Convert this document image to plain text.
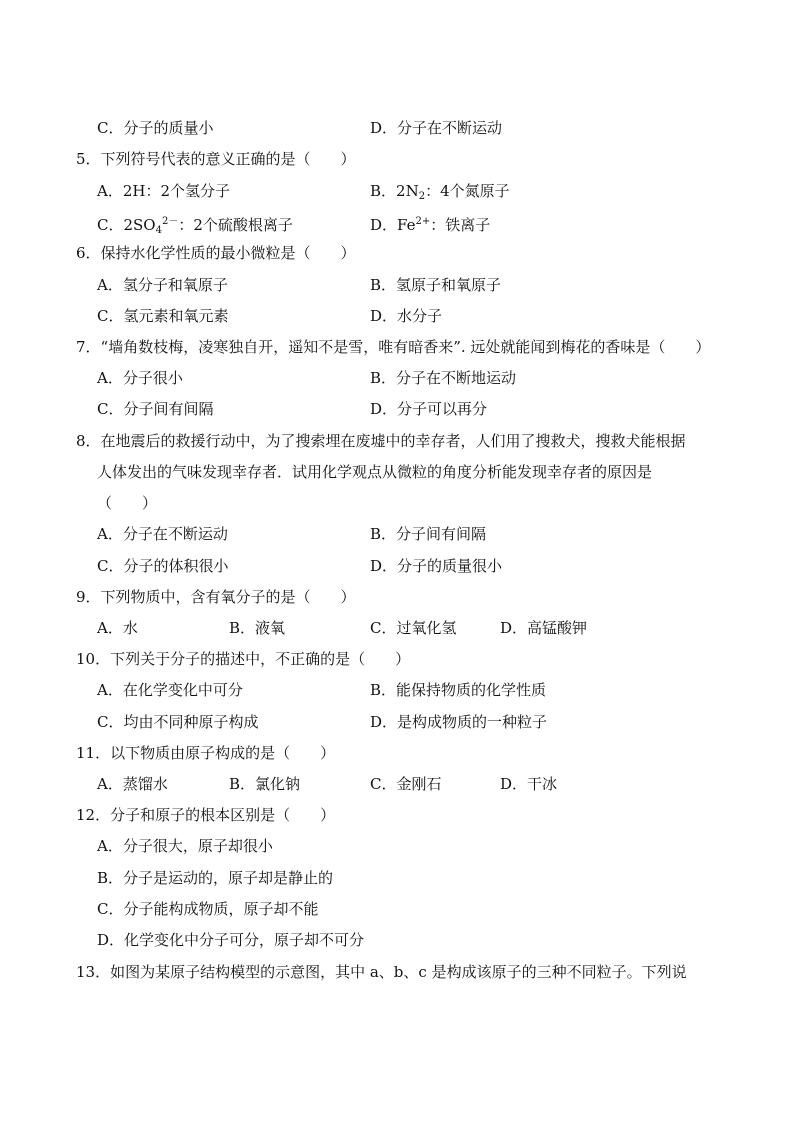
C．分子的质量小	D．分子在不断运动
5．下列符号代表的意义正确的是（　　）
A．2H：2个氢分子	B．$2N_2$：4个氮原子
C．$2SO_4^{2-}$：2个硫酸根离子	D．$Fe^{2+}$：铁离子
6．保持水化学性质的最小微粒是（　　）
A．氢分子和氧原子	B．氢原子和氧原子
C．氢元素和氧元素	D．水分子
7．“墙角数枝梅，凌寒独自开，遥知不是雪，唯有暗香来”. 远处就能闻到梅花的香味是（　　）
A．分子很小	B．分子在不断地运动
C．分子间有间隔	D．分子可以再分
8．在地震后的救援行动中，为了搜索埋在废墟中的幸存者，人们用了搜救犬，搜救犬能根据
人体发出的气味发现幸存者．试用化学观点从微粒的角度分析能发现幸存者的原因是
（　　）
A．分子在不断运动	B．分子间有间隔
C．分子的体积很小	D．分子的质量很小
9．下列物质中，含有氧分子的是（　　）
A．水	B．液氧	C．过氧化氢	D．高锰酸钾
10．下列关于分子的描述中，不正确的是（　　）
A．在化学变化中可分	B．能保持物质的化学性质
C．均由不同种原子构成	D．是构成物质的一种粒子
11．以下物质由原子构成的是（　　）
A．蒸馏水	B．氯化钠	C．金刚石	D．干冰
12．分子和原子的根本区别是（　　）
A．分子很大，原子却很小
B．分子是运动的，原子却是静止的
C．分子能构成物质，原子却不能
D．化学变化中分子可分，原子却不可分
13．如图为某原子结构模型的示意图，其中 a、b、c 是构成该原子的三种不同粒子。下列说
